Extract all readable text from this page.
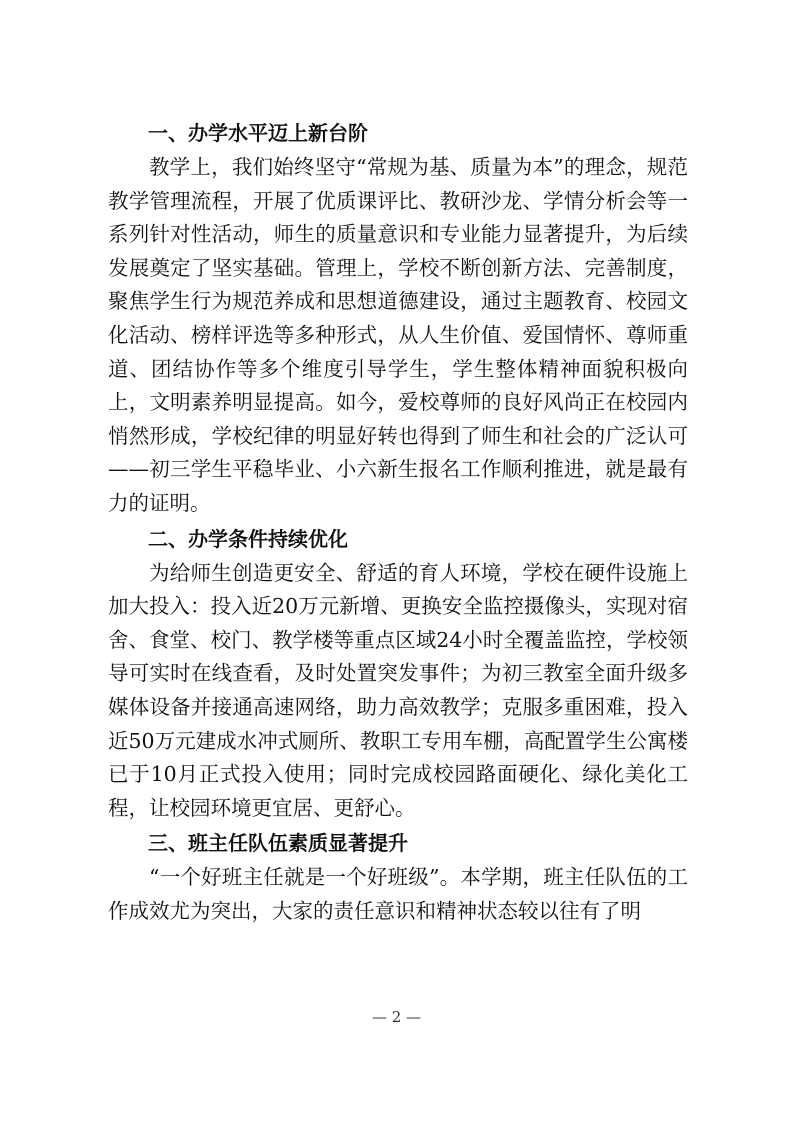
一、办学水平迈上新台阶

教学上，我们始终坚守“常规为基、质量为本”的理念，规范教学管理流程，开展了优质课评比、教研沙龙、学情分析会等一系列针对性活动，师生的质量意识和专业能力显著提升，为后续发展奠定了坚实基础。管理上，学校不断创新方法、完善制度，聚焦学生行为规范养成和思想道德建设，通过主题教育、校园文化活动、榜样评选等多种形式，从人生价值、爱国情怀、尊师重道、团结协作等多个维度引导学生，学生整体精神面貌积极向上，文明素养明显提高。如今，爱校尊师的良好风尚正在校园内悄然形成，学校纪律的明显好转也得到了师生和社会的广泛认可——初三学生平稳毕业、小六新生报名工作顺利推进，就是最有力的证明。

二、办学条件持续优化

为给师生创造更安全、舒适的育人环境，学校在硬件设施上加大投入：投入近20万元新增、更换安全监控摄像头，实现对宿舍、食堂、校门、教学楼等重点区域24小时全覆盖监控，学校领导可实时在线查看，及时处置突发事件；为初三教室全面升级多媒体设备并接通高速网络，助力高效教学；克服多重困难，投入近50万元建成水冲式厕所、教职工专用车棚，高配置学生公寓楼已于10月正式投入使用；同时完成校园路面硬化、绿化美化工程，让校园环境更宜居、更舒心。

三、班主任队伍素质显著提升

“一个好班主任就是一个好班级”。本学期，班主任队伍的工作成效尤为突出，大家的责任意识和精神状态较以往有了明

— 2 —
